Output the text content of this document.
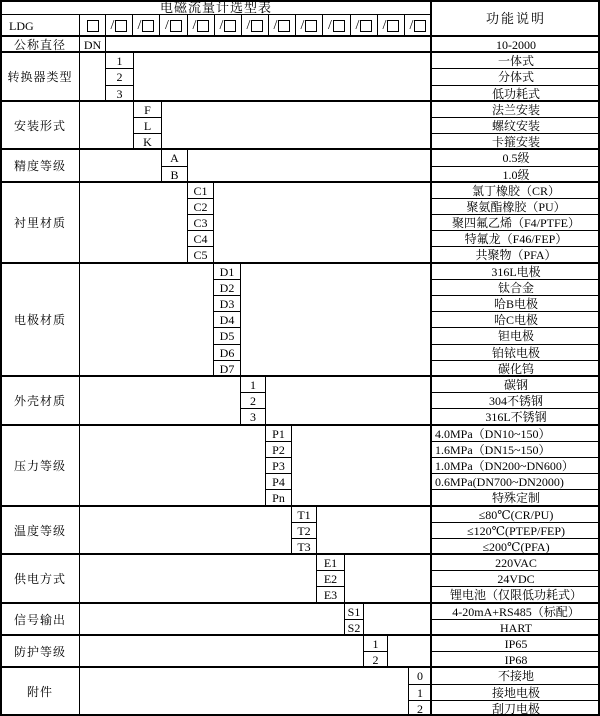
电磁流量计选型表
功能说明
LDG	/	/	/	/	/	/	/	/	/	/	/	/
公称直径	DN	10-2000
转换器类型
1	一体式
2	分体式
3	低功耗式
安装形式
F	法兰安装
L	螺纹安装
K	卡箍安装
精度等级
A	0.5级
B	1.0级
衬里材质
C1	氯丁橡胶（CR）
C2	聚氨酯橡胶（PU）
C3	聚四氟乙烯（F4/PTFE）
C4	特氟龙（F46/FEP）
C5	共聚物（PFA）
电极材质
D1	316L电极
D2	钛合金
D3	哈B电极
D4	哈C电极
D5	钽电极
D6	铂铱电极
D7	碳化钨
外壳材质
1	碳钢
2	304不锈钢
3	316L不锈钢
压力等级
P1	4.0MPa（DN10~150）
P2	1.6MPa（DN15~150）
P3	1.0MPa（DN200~DN600）
P4	0.6MPa(DN700~DN2000)
Pn	特殊定制
温度等级
T1	≤80℃(CR/PU)
T2	≤120℃(PTEP/FEP)
T3	≤200℃(PFA)
供电方式
E1	220VAC
E2	24VDC
E3	锂电池（仅限低功耗式）
信号输出
S1	4-20mA+RS485（标配）
S2	HART
防护等级
1	IP65
2	IP68
附件
0	不接地
1	接地电极
2	刮刀电极
